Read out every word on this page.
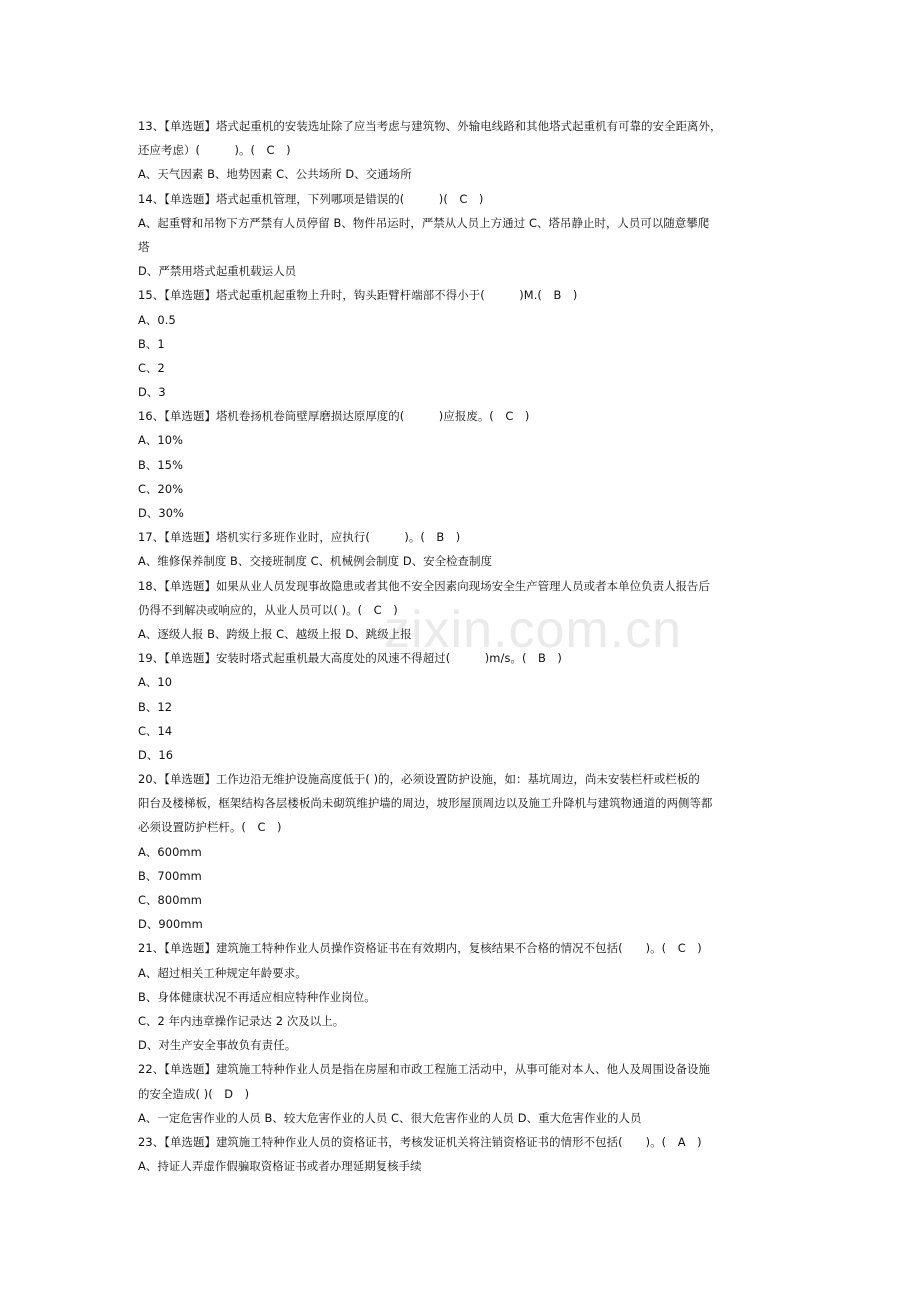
zixin.com.cn
13、【单选题】塔式起重机的安装选址除了应当考虑与建筑物、外输电线路和其他塔式起重机有可靠的安全距离外，
还应考虑）(　　　)。(　C　)
A、天气因素 B、地势因素 C、公共场所 D、交通场所
14、【单选题】塔式起重机管理，下列哪项是错误的(　　　)(　C　)
A、起重臂和吊物下方严禁有人员停留 B、物件吊运时，严禁从人员上方通过 C、塔吊静止时，人员可以随意攀爬
塔
D、严禁用塔式起重机载运人员
15、【单选题】塔式起重机起重物上升时，钩头距臂杆端部不得小于(　　　)M.(　B　)
A、0.5
B、1
C、2
D、3
16、【单选题】塔机卷扬机卷筒壁厚磨损达原厚度的(　　　)应报废。(　C　)
A、10%
B、15%
C、20%
D、30%
17、【单选题】塔机实行多班作业时，应执行(　　　)。(　B　)
A、维修保养制度 B、交接班制度 C、机械例会制度 D、安全检查制度
18、【单选题】如果从业人员发现事故隐患或者其他不安全因素向现场安全生产管理人员或者本单位负责人报告后
仍得不到解决或响应的，从业人员可以( )。(　C　)
A、逐级人报 B、跨级上报 C、越级上报 D、跳级上报
19、【单选题】安装时塔式起重机最大高度处的风速不得超过(　　　)m/s。(　B　)
A、10
B、12
C、14
D、16
20、【单选题】工作边沿无维护设施高度低于( )的，必须设置防护设施，如：基坑周边，尚未安装栏杆或栏板的
阳台及楼梯板，框架结构各层楼板尚未砌筑维护墙的周边，坡形屋顶周边以及施工升降机与建筑物通道的两侧等都
必须设置防护栏杆。(　C　)
A、600mm
B、700mm
C、800mm
D、900mm
21、【单选题】建筑施工特种作业人员操作资格证书在有效期内，复核结果不合格的情况不包括(　　)。(　C　)
A、超过相关工种规定年龄要求。
B、身体健康状况不再适应相应特种作业岗位。
C、2 年内违章操作记录达 2 次及以上。
D、对生产安全事故负有责任。
22、【单选题】建筑施工特种作业人员是指在房屋和市政工程施工活动中，从事可能对本人、他人及周围设备设施
的安全造成( )(　D　)
A、一定危害作业的人员 B、较大危害作业的人员 C、很大危害作业的人员 D、重大危害作业的人员
23、【单选题】建筑施工特种作业人员的资格证书，考核发证机关将注销资格证书的情形不包括(　　)。(　A　)
A、持证人弄虚作假骗取资格证书或者办理延期复核手续
